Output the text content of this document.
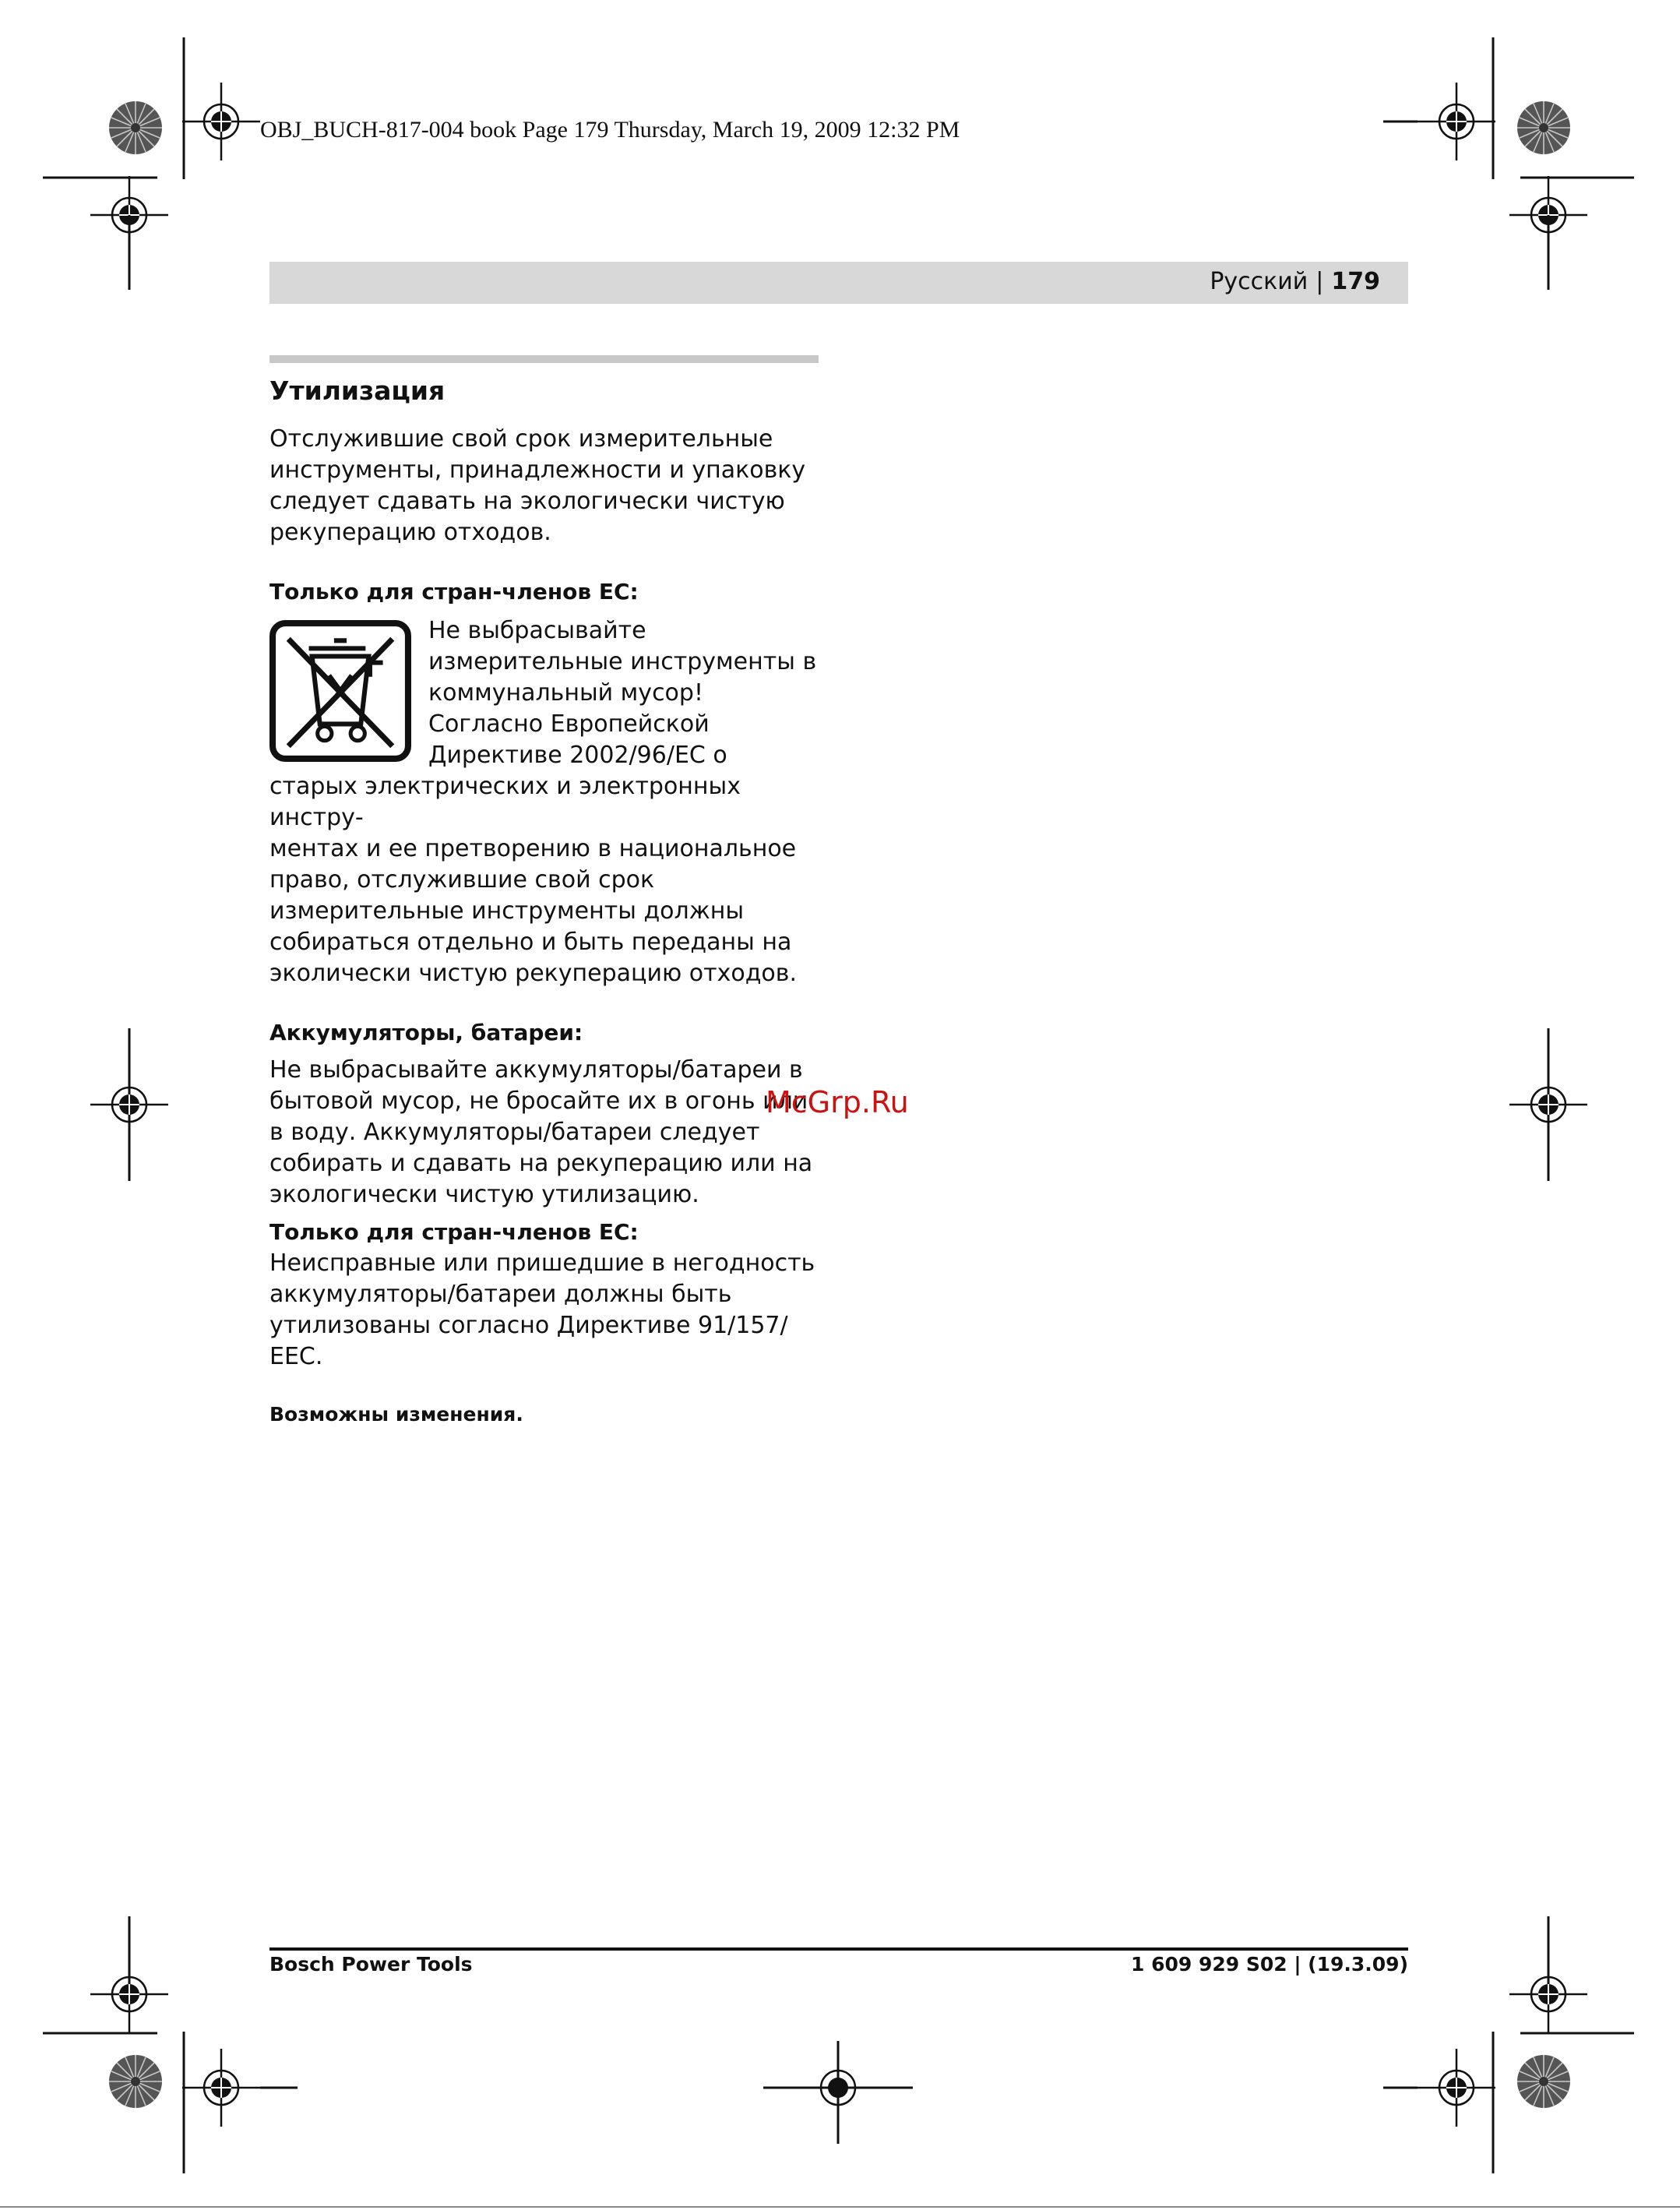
OBJ_BUCH-817-004 book Page 179 Thursday, March 19, 2009 12:32 PM
Русский | 179
Утилизация

Отслужившие свой срок измерительные инструменты, принадлежности и упаковку следует сдавать на экологически чистую рекуперацию отходов.

Только для стран-членов ЕС:

Не выбрасывайте измерительные инструменты в коммунальный мусор! Согласно Европейской Директиве 2002/96/ЕС о старых электрических и электронных инстру-

ментах и ее претворению в национальное право, отслужившие свой срок измерительные инструменты должны собираться отдельно и быть переданы на эколически чистую рекуперацию отходов.

Аккумуляторы, батареи:

Не выбрасывайте аккумуляторы/батареи в бытовой мусор, не бросайте их в огонь или в воду. Аккумуляторы/батареи следует собирать и сдавать на рекуперацию или на экологически чистую утилизацию.

Только для стран-членов ЕС:

Неисправные или пришедшие в негодность аккумуляторы/батареи должны быть утилизованы согласно Директиве 91/157/ЕЕС.

Возможны изменения.

McGrp.Ru
Bosch Power Tools	1 609 929 S02 | (19.3.09)
